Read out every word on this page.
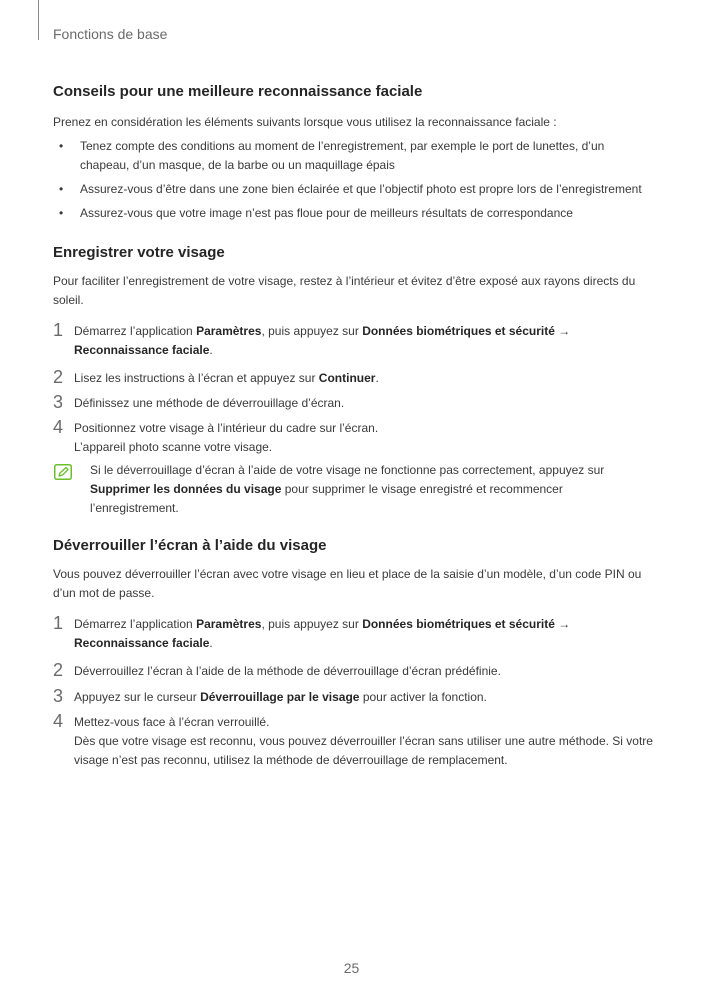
Fonctions de base
Conseils pour une meilleure reconnaissance faciale

Prenez en considération les éléments suivants lorsque vous utilisez la reconnaissance faciale :

• Tenez compte des conditions au moment de l’enregistrement, par exemple le port de lunettes, d’un chapeau, d’un masque, de la barbe ou un maquillage épais
• Assurez-vous d’être dans une zone bien éclairée et que l’objectif photo est propre lors de l’enregistrement
• Assurez-vous que votre image n’est pas floue pour de meilleurs résultats de correspondance
Enregistrer votre visage

Pour faciliter l’enregistrement de votre visage, restez à l’intérieur et évitez d’être exposé aux rayons directs du soleil.

1 Démarrez l’application Paramètres, puis appuyez sur Données biométriques et sécurité → Reconnaissance faciale.
2 Lisez les instructions à l’écran et appuyez sur Continuer.
3 Définissez une méthode de déverrouillage d’écran.
4 Positionnez votre visage à l’intérieur du cadre sur l’écran.
L’appareil photo scanne votre visage.
Si le déverrouillage d’écran à l’aide de votre visage ne fonctionne pas correctement, appuyez sur Supprimer les données du visage pour supprimer le visage enregistré et recommencer l’enregistrement.
Déverrouiller l’écran à l’aide du visage

Vous pouvez déverrouiller l’écran avec votre visage en lieu et place de la saisie d’un modèle, d’un code PIN ou d’un mot de passe.

1 Démarrez l’application Paramètres, puis appuyez sur Données biométriques et sécurité → Reconnaissance faciale.
2 Déverrouillez l’écran à l’aide de la méthode de déverrouillage d’écran prédéfinie.
3 Appuyez sur le curseur Déverrouillage par le visage pour activer la fonction.
4 Mettez-vous face à l’écran verrouillé.
Dès que votre visage est reconnu, vous pouvez déverrouiller l’écran sans utiliser une autre méthode. Si votre visage n’est pas reconnu, utilisez la méthode de déverrouillage de remplacement.
25
